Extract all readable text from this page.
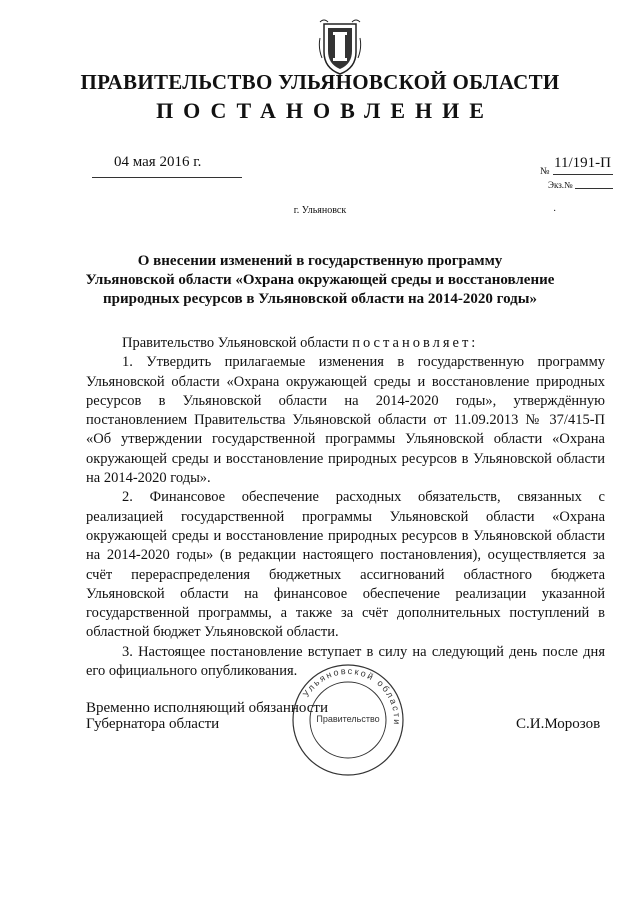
ПРАВИТЕЛЬСТВО УЛЬЯНОВСКОЙ ОБЛАСТИ
ПОСТАНОВЛЕНИЕ
04 мая 2016 г.
№
11/191-П
Экз.№
г. Ульяновск	·
О внесении изменений в государственную программу
Ульяновской области «Охрана окружающей среды и восстановление
природных ресурсов в Ульяновской области на 2014-2020 годы»

Правительство Ульяновской области постановляет:

1. Утвердить прилагаемые изменения в государственную программу Ульяновской области «Охрана окружающей среды и восстановление природных ресурсов в Ульяновской области на 2014-2020 годы», утверждённую постановлением Правительства Ульяновской области от 11.09.2013 № 37/415-П «Об утверждении государственной программы Ульяновской области «Охрана окружающей среды и восстановление природных ресурсов в Ульяновской области на 2014-2020 годы».

2. Финансовое обеспечение расходных обязательств, связанных с реализацией государственной программы Ульяновской области «Охрана окружающей среды и восстановление природных ресурсов в Ульяновской области на 2014-2020 годы» (в редакции настоящего постановления), осуществляется за счёт перераспределения бюджетных ассигнований областного бюджета Ульяновской области на финансовое обеспечение реализации указанной государственной программы, а также за счёт дополнительных поступлений в областной бюджет Ульяновской области.

3. Настоящее постановление вступает в силу на следующий день после дня его официального опубликования.

Ульяновской области
Правительство
Временно исполняющий обязанности
Губернатора области	С.И.Морозов
